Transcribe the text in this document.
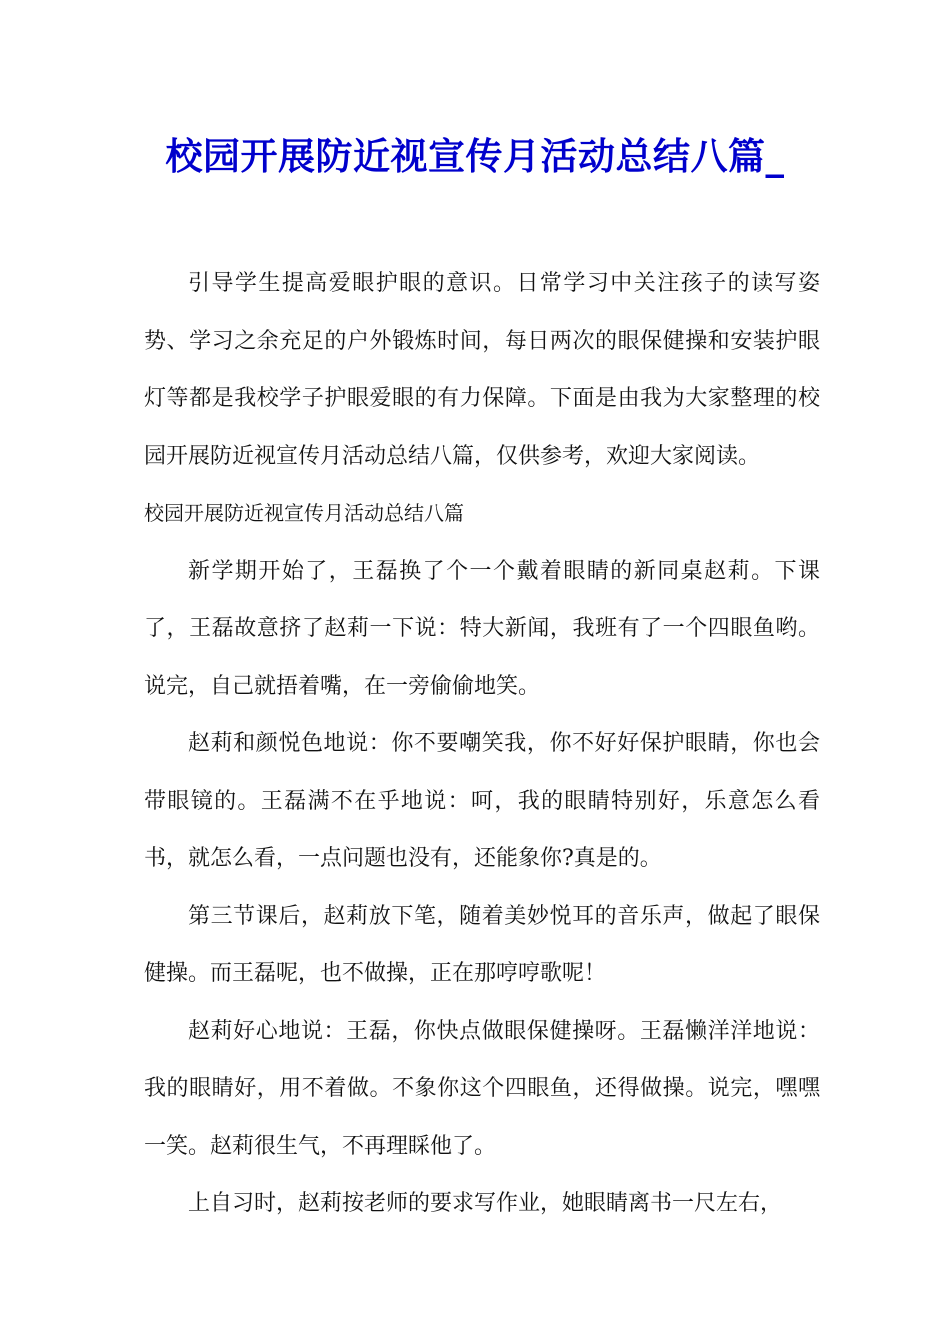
校园开展防近视宣传月活动总结八篇_

引导学生提高爱眼护眼的意识。日常学习中关注孩子的读写姿势、学习之余充足的户外锻炼时间，每日两次的眼保健操和安装护眼灯等都是我校学子护眼爱眼的有力保障。下面是由我为大家整理的校园开展防近视宣传月活动总结八篇，仅供参考，欢迎大家阅读。

校园开展防近视宣传月活动总结八篇

新学期开始了，王磊换了个一个戴着眼睛的新同桌赵莉。下课了，王磊故意挤了赵莉一下说：特大新闻，我班有了一个四眼鱼哟。说完，自己就捂着嘴，在一旁偷偷地笑。

赵莉和颜悦色地说：你不要嘲笑我，你不好好保护眼睛，你也会带眼镜的。王磊满不在乎地说：呵，我的眼睛特别好，乐意怎么看书，就怎么看，一点问题也没有，还能象你?真是的。

第三节课后，赵莉放下笔，随着美妙悦耳的音乐声，做起了眼保健操。而王磊呢，也不做操，正在那哼哼歌呢！

赵莉好心地说：王磊，你快点做眼保健操呀。王磊懒洋洋地说：我的眼睛好，用不着做。不象你这个四眼鱼，还得做操。说完，嘿嘿一笑。赵莉很生气，不再理睬他了。

上自习时，赵莉按老师的要求写作业，她眼睛离书一尺左右，
